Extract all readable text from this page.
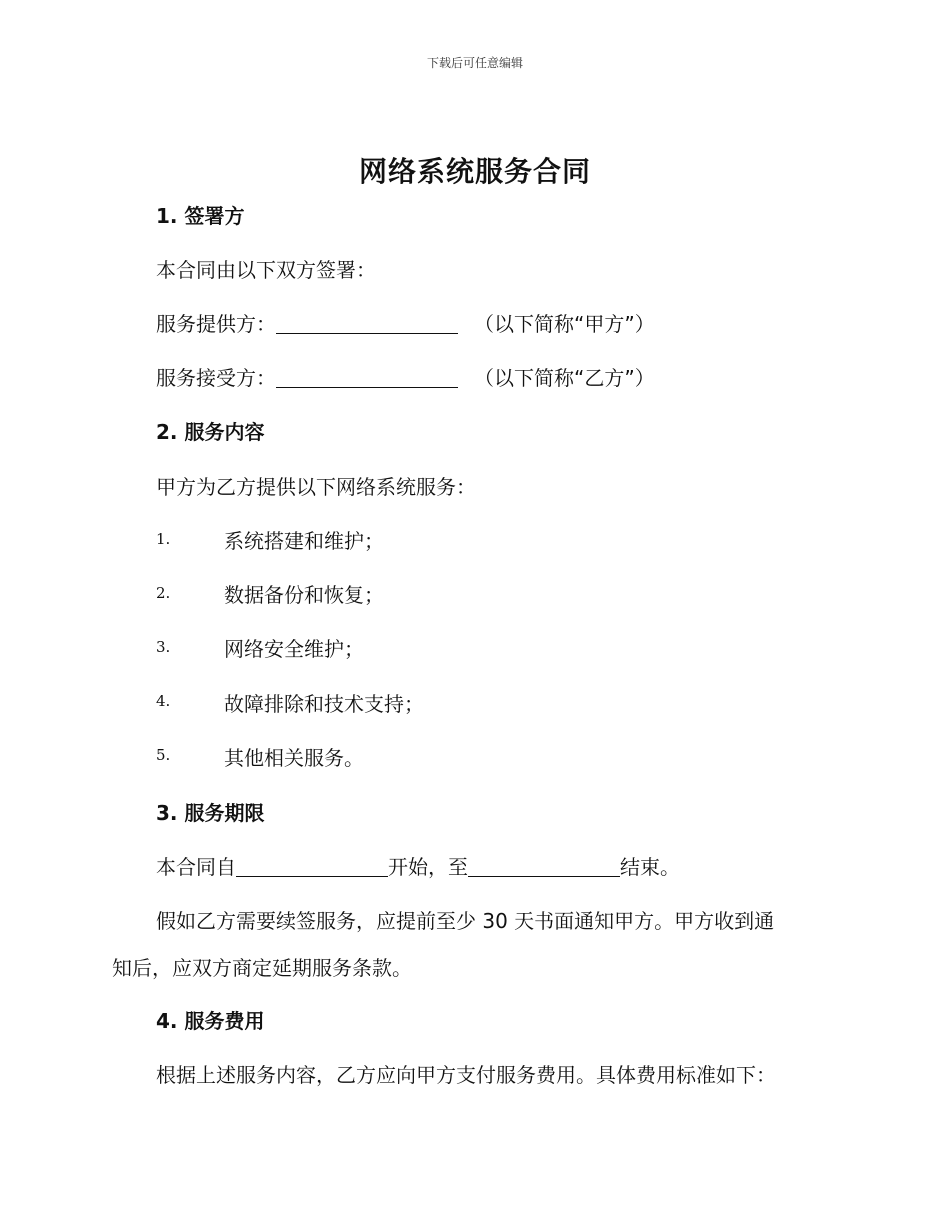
下载后可任意编辑
网络系统服务合同
1. 签署方
本合同由以下双方签署：
服务提供方：	（以下简称“甲方”）
服务接受方：	（以下简称“乙方”）
2. 服务内容
甲方为乙方提供以下网络系统服务：
1.	系统搭建和维护；
2.	数据备份和恢复；
3.	网络安全维护；
4.	故障排除和技术支持；
5.	其他相关服务。
3. 服务期限
本合同自	开始，至	结束。
假如乙方需要续签服务，应提前至少 30 天书面通知甲方。甲方收到通
知后，应双方商定延期服务条款。
4. 服务费用
根据上述服务内容，乙方应向甲方支付服务费用。具体费用标准如下：
